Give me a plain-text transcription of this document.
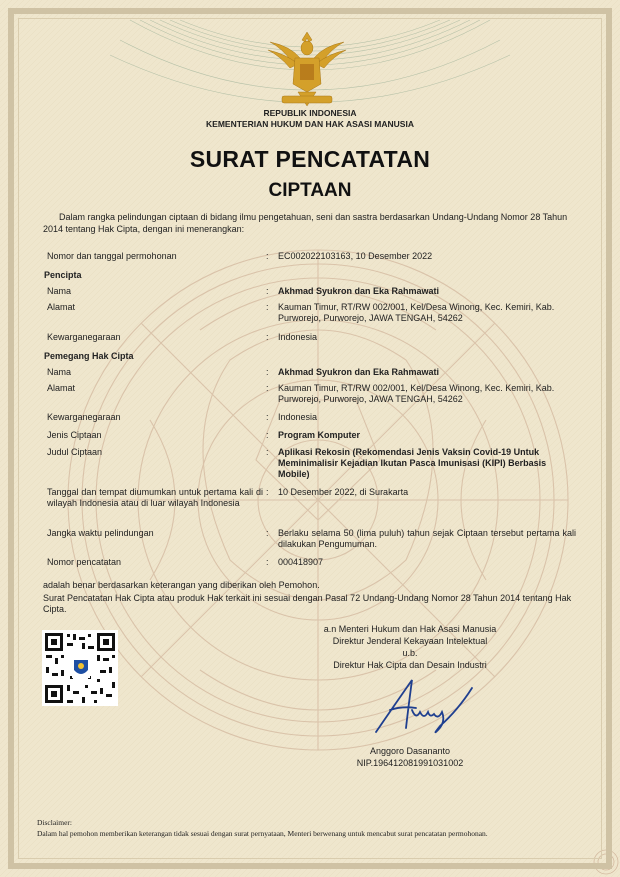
REPUBLIK INDONESIA
KEMENTERIAN HUKUM DAN HAK ASASI MANUSIA
SURAT PENCATATAN
CIPTAAN
Dalam rangka pelindungan ciptaan di bidang ilmu pengetahuan, seni dan sastra berdasarkan Undang-Undang Nomor 28 Tahun 2014 tentang Hak Cipta, dengan ini menerangkan:
Nomor dan tanggal permohonan	: EC002022103163, 10 Desember 2022
Pencipta
Nama	: Akhmad Syukron dan Eka Rahmawati
Alamat	: Kauman Timur, RT/RW 002/001, Kel/Desa Winong, Kec. Kemiri, Kab. Purworejo, Purworejo, JAWA TENGAH, 54262
Kewarganegaraan	: Indonesia
Pemegang Hak Cipta
Nama	: Akhmad Syukron dan Eka Rahmawati
Alamat	: Kauman Timur, RT/RW 002/001, Kel/Desa Winong, Kec. Kemiri, Kab. Purworejo, Purworejo, JAWA TENGAH, 54262
Kewarganegaraan	: Indonesia
Jenis Ciptaan	: Program Komputer
Judul Ciptaan	: Aplikasi Rekosin (Rekomendasi Jenis Vaksin Covid-19 Untuk Meminimalisir Kejadian Ikutan Pasca Imunisasi (KIPI) Berbasis Mobile)
Tanggal dan tempat diumumkan untuk pertama kali di wilayah Indonesia atau di luar wilayah Indonesia
: 10 Desember 2022, di Surakarta
Jangka waktu pelindungan	: Berlaku selama 50 (lima puluh) tahun sejak Ciptaan tersebut pertama kali dilakukan Pengumuman.
Nomor pencatatan	: 000418907
adalah benar berdasarkan keterangan yang diberikan oleh Pemohon.
Surat Pencatatan Hak Cipta atau produk Hak terkait ini sesuai dengan Pasal 72 Undang-Undang Nomor 28 Tahun 2014 tentang Hak Cipta.
a.n Menteri Hukum dan Hak Asasi Manusia
Direktur Jenderal Kekayaan Intelektual
u.b.
Direktur Hak Cipta dan Desain Industri
Anggoro Dasananto
NIP.196412081991031002
Disclaimer:
Dalam hal pemohon memberikan keterangan tidak sesuai dengan surat pernyataan, Menteri berwenang untuk mencabut surat pencatatan permohonan.
